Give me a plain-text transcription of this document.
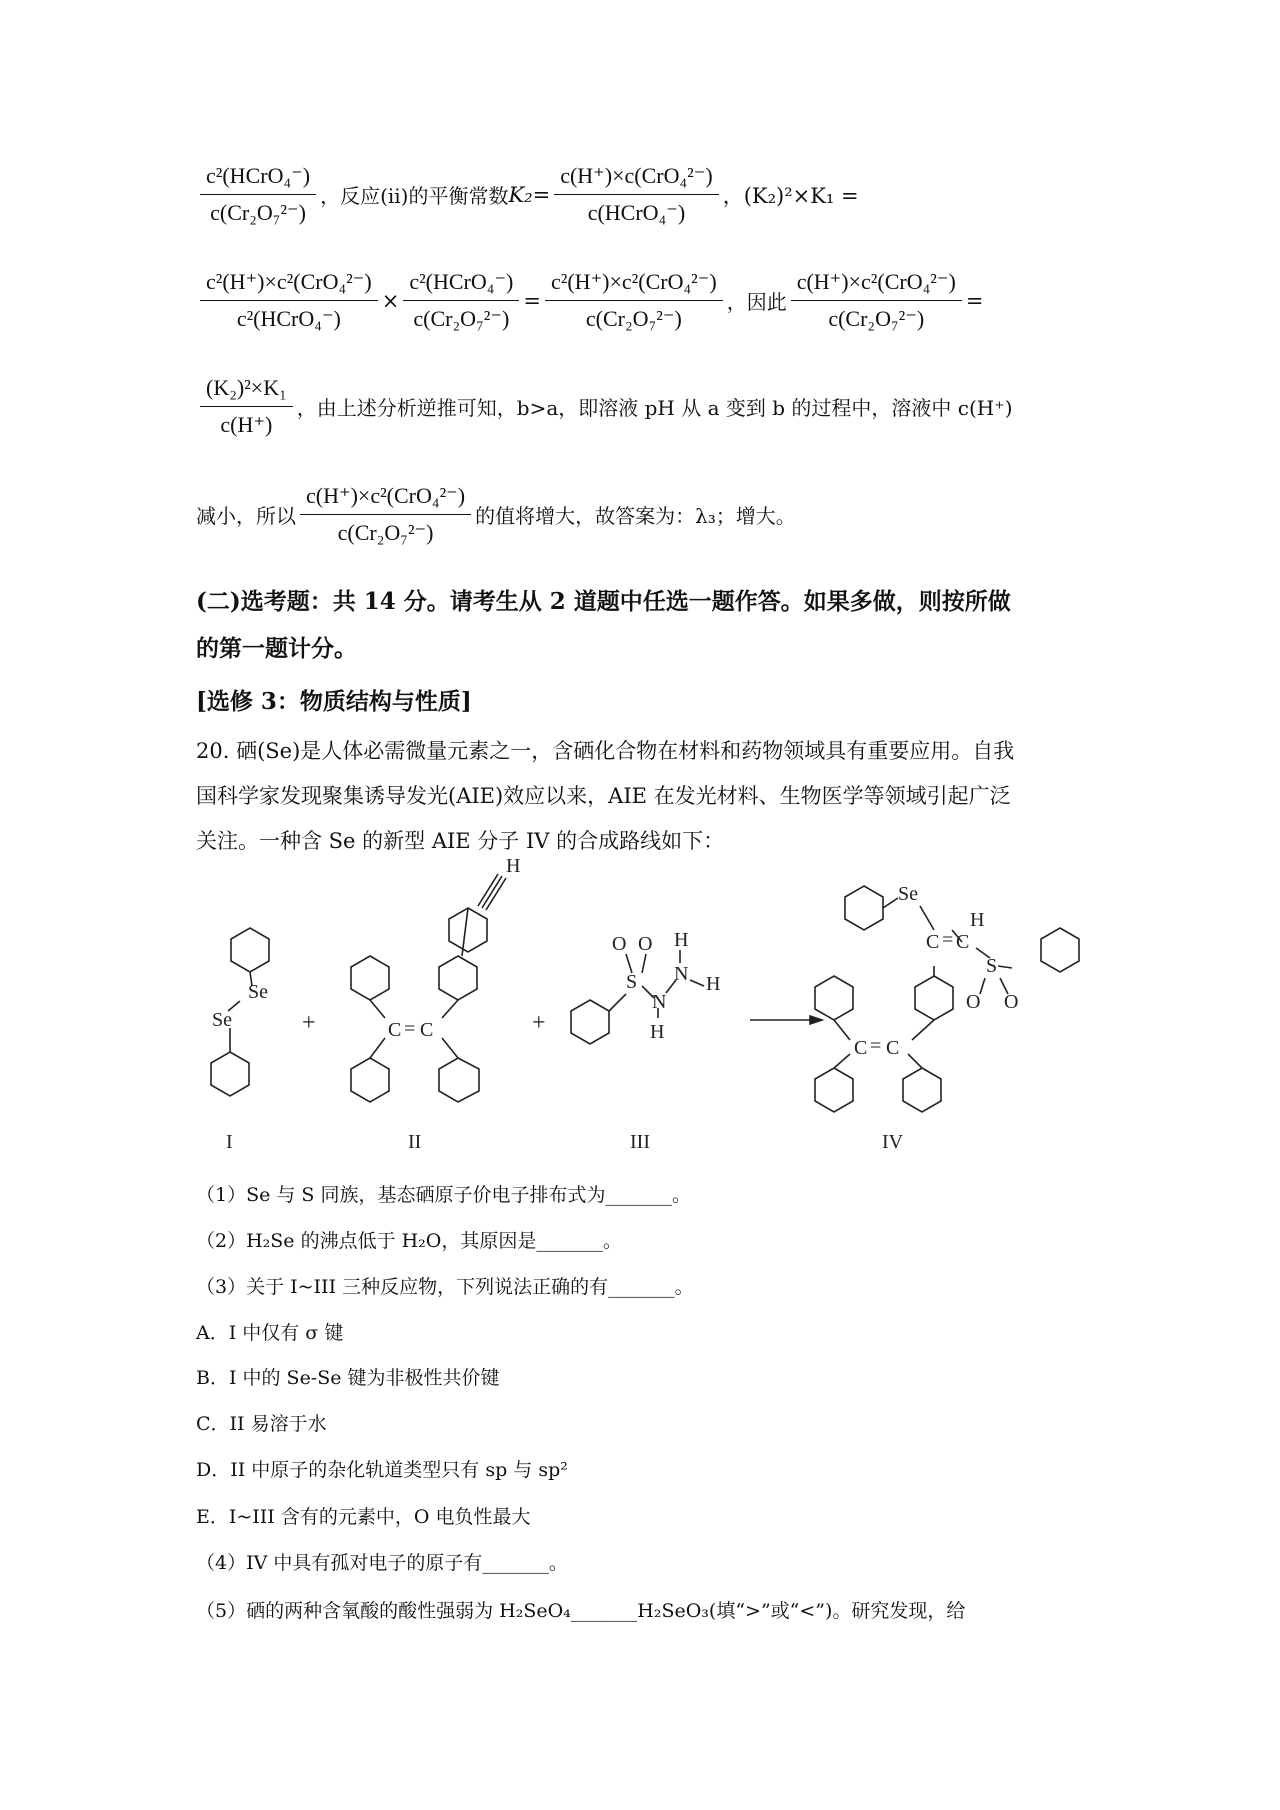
$\frac{\text{c²(HCrO₄⁻)}}{\text{c(Cr₂O₇²⁻)}}$ ，反应(ii)的平衡常数 $K_2= \frac{\text{c(H⁺)×c(CrO₄²⁻)}}{\text{c(HCrO₄⁻)}}$ ，(K₂)²×K₁ =
$\frac{\text{c²(H⁺)×c²(CrO₄²⁻)}}{\text{c²(HCrO₄⁻)}} \times \frac{\text{c²(HCrO₄⁻)}}{\text{c(Cr₂O₇²⁻)}} = \frac{\text{c²(H⁺)×c²(CrO₄²⁻)}}{\text{c(Cr₂O₇²⁻)}}$ ，因此 $\frac{\text{c(H⁺)×c²(CrO₄²⁻)}}{\text{c(Cr₂O₇²⁻)}}$ =
$\frac{\text{(K₂)²×K₁}}{c(H^+)}$ ，由上述分析逆推可知，b>a，即溶液 pH 从 a 变到 b 的过程中，溶液中 c(H⁺)
减小，所以 $\frac{\text{c(H⁺)×c²(CrO₄²⁻)}}{\text{c(Cr₂O₇²⁻)}}$ 的值将增大，故答案为：λ₃；增大。
(二)选考题：共 14 分。请考生从 2 道题中任选一题作答。如果多做，则按所做
的第一题计分。
[选修 3：物质结构与性质]
20. 硒(Se)是人体必需微量元素之一，含硒化合物在材料和药物领域具有重要应用。自我
国科学家发现聚集诱导发光(AIE)效应以来，AIE 在发光材料、生物医学等领域引起广泛
关注。一种含 Se 的新型 AIE 分子 IV 的合成路线如下：
Se
Se
I
+
H
C = C
II
+
O O
S
N
H
N
H
H
III
Se
C = C
H
S
O O
C = C
IV
（1）Se 与 S 同族，基态硒原子价电子排布式为_______。
（2）H₂Se 的沸点低于 H₂O，其原因是_______。
（3）关于 I~III 三种反应物，下列说法正确的有_______。
A．I 中仅有 σ 键
B．I 中的 Se-Se 键为非极性共价键
C．II 易溶于水
D．II 中原子的杂化轨道类型只有 sp 与 sp²
E．I~III 含有的元素中，O 电负性最大
（4）IV 中具有孤对电子的原子有_______。
（5）硒的两种含氧酸的酸性强弱为 H₂SeO₄_______H₂SeO₃(填“>”或“<”)。研究发现，给
